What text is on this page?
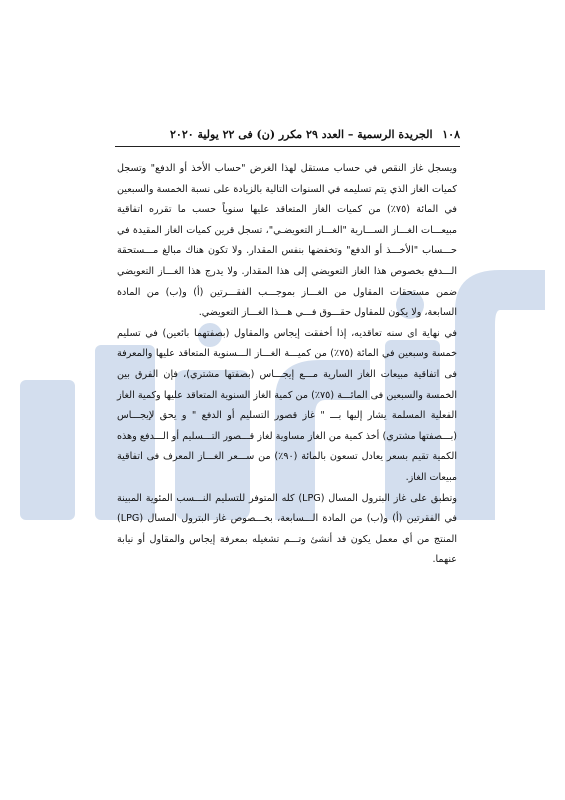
١٠٨
الجريدة الرسمية – العدد ٢٩ مكرر (ن) فى ٢٢ يولية ٢٠٢٠

ويسجل غاز النقص في حساب مستقل لهذا الغرض "حساب الأخذ أو الدفع" وتسجل كميات الغاز الذي يتم تسليمه في السنوات التالية بالزيادة على نسبة الخمسة والسبعين في المائة (٧٥٪) من كميات الغاز المتعاقد عليها سنوياً حسب ما تقرره اتفاقية مبيعـــات الغـــاز الســـارية "الغـــاز التعويضـي"، تسجل قرين كميات الغاز المقيدة في حـــساب "الأخـــذ أو الدفع" وتخفضها بنفس المقدار. ولا تكون هناك مبالغ مـــستحقة الـــدفع بخصوص هذا الغاز التعويضي إلى هذا المقدار. ولا يدرج هذا الغـــاز التعويضي ضمن مستحقات المقاول من الغـــاز بموجـــب الفقـــرتين (أ) و(ب) من المادة السابعة، ولا يكون للمقاول حقـــوق فـــي هـــذا الغـــاز التعويضي.

في نهاية اى سنه تعاقديه، إذا أخفقت إيجاس والمقاول (بصفتهما بائعين) في تسليم خمسة وسبعين في المائة (٧٥٪) من كميـــة الغـــاز الـــسنوية المتعاقد عليها والمعرفة فى اتفاقية مبيعات الغاز السارية مـــع إيجـــاس (بصفتها مشتري)، فإن الفرق بين الخمسة والسبعين فى المائـــة (٧٥٪) من كمية الغاز السنوية المتعاقد عليها وكمية الغاز الفعلية المسلمة يشار إليها بـــ " غاز قصور التسليم أو الدفع " و يحق لإيجـــاس (بـــصفتها مشتري) أخذ كمية من الغاز مساوية لغاز قـــصور التـــسليم أو الـــدفع وهذه الكمية تقيم بسعر يعادل تسعون بالمائة (٩٠٪) من ســـعر الغـــاز المعرف فى اتفاقية مبيعات الغاز.

وتطبق على غاز البترول المسال (LPG) كله المتوفر للتسليم النـــسب المئوية المبينة في الفقرتين (أ) و(ب) من المادة الـــسابعة، بخـــصوص غاز البترول المسال (LPG) المنتج من أي معمل يكون قد أنشئ وتـــم تشغيله بمعرفة إيجاس والمقاول أو نيابة عنهما.
